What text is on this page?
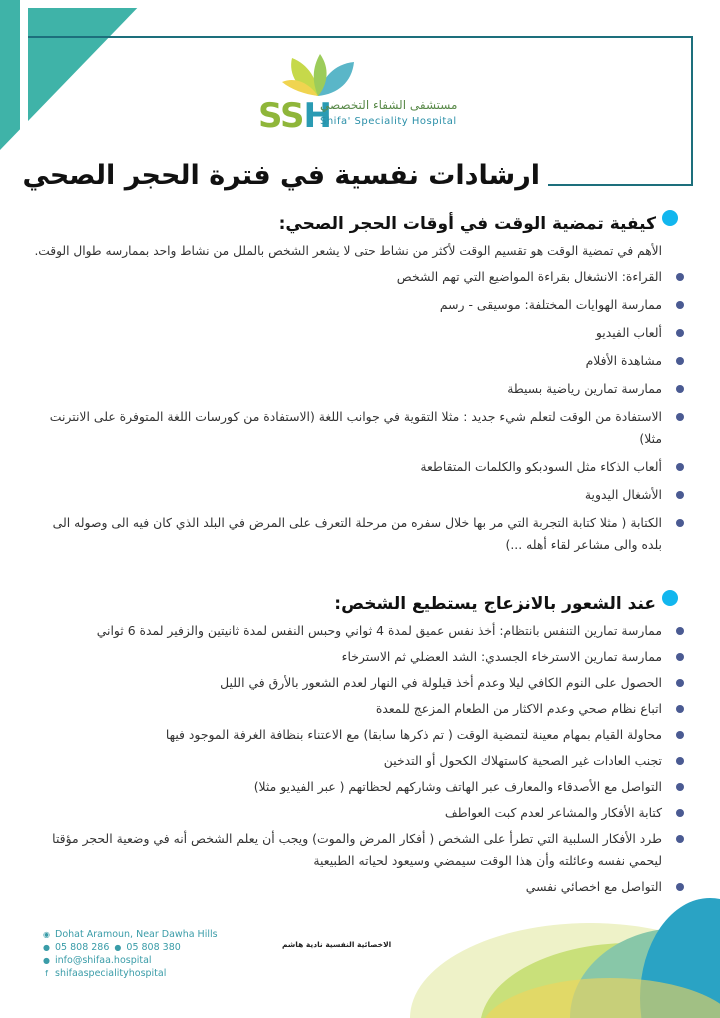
SSH
مستشفى الشفاء التخصصي
Shifa' Speciality Hospital
ارشادات نفسية في فترة الحجر الصحي
كيفية تمضية الوقت في أوقات الحجر الصحي:

الأهم في تمضية الوقت هو تقسيم الوقت لأكثر من نشاط حتى لا يشعر الشخص بالملل من نشاط واحد بممارسه طوال الوقت.

القراءة: الانشغال بقراءة المواضيع التي تهم الشخص
ممارسة الهوايات المختلفة: موسيقى - رسم
ألعاب الفيديو
مشاهدة الأفلام
ممارسة تمارين رياضية بسيطة
الاستفادة من الوقت لتعلم شيء جديد : مثلا التقوية في جوانب اللغة (الاستفادة من كورسات اللغة المتوفرة على الانترنت مثلا)
ألعاب الذكاء مثل السودبكو والكلمات المتقاطعة
الأشغال اليدوية
الكتابة ( مثلا كتابة التجربة التي مر بها خلال سفره من مرحلة التعرف على المرض في البلد الذي كان فيه الى وصوله الى بلده والى مشاعر لقاء أهله ...)
عند الشعور بالانزعاج يستطيع الشخص:
ممارسة تمارين التنفس بانتظام: أخذ نفس عميق لمدة 4 ثواني وحبس النفس لمدة ثانيتين والزفير لمدة 6 ثواني
ممارسة تمارين الاسترخاء الجسدي: الشد العضلي ثم الاسترخاء
الحصول على النوم الكافي ليلا وعدم أخذ قيلولة في النهار لعدم الشعور بالأرق في الليل
اتباع نظام صحي وعدم الاكثار من الطعام المزعج للمعدة
محاولة القيام بمهام معينة لتمضية الوقت ( تم ذكرها سابقا) مع الاعتناء بنظافة الغرفة الموجود فيها
تجنب العادات غير الصحية كاستهلاك الكحول أو التدخين
التواصل مع الأصدقاء والمعارف عبر الهاتف وشاركهم لحظاتهم ( عبر الفيديو مثلا)
كتابة الأفكار والمشاعر لعدم كبت العواطف
طرد الأفكار السلبية التي تطرأ على الشخص ( أفكار المرض والموت) ويجب أن يعلم الشخص أنه في وضعية الحجر مؤقتا ليحمي نفسه وعائلته وأن هذا الوقت سيمضي وسيعود لحياته الطبيعية
التواصل مع اخصائي نفسي
◉ Dohat Aramoun, Near Dawha Hills
● 05 808 286 ● 05 808 380
● info@shifaa.hospital
f shifaaspecialityhospital
الاخصائية النفسية نادية هاشم
